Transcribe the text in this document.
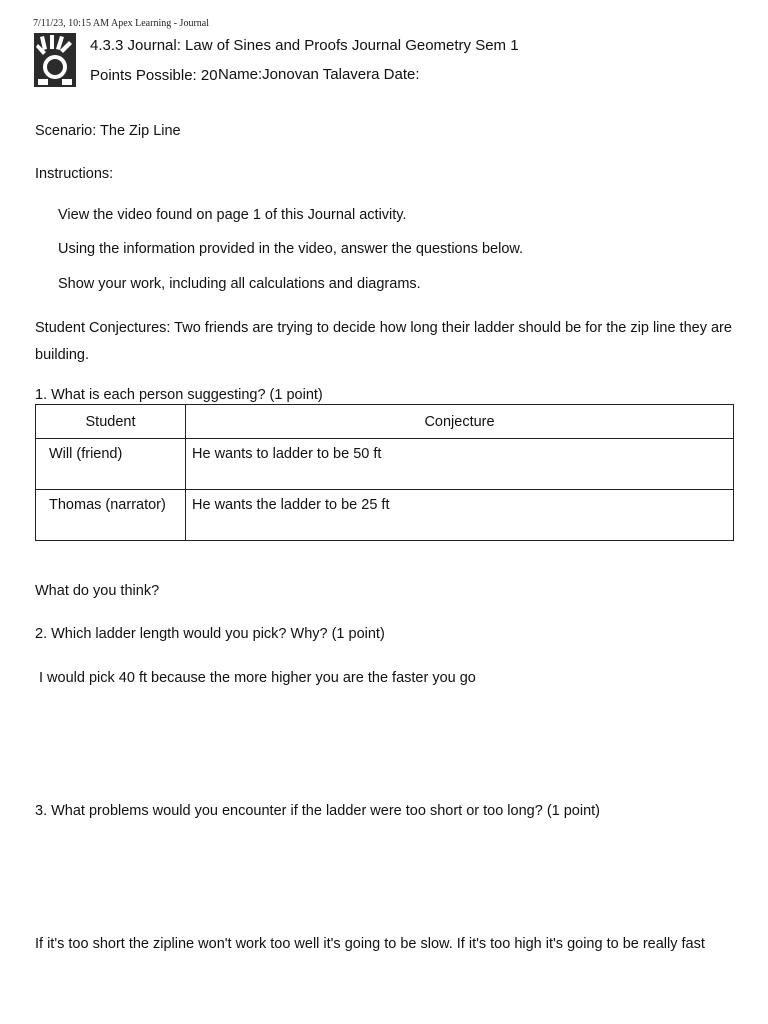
7/11/23, 10:15 AM Apex Learning - Journal
4.3.3 Journal: Law of Sines and Proofs Journal Geometry Sem 1
Points Possible: 20 Name:Jonovan Talavera Date:
Scenario: The Zip Line
Instructions:
View the video found on page 1 of this Journal activity.
Using the information provided in the video, answer the questions below.
Show your work, including all calculations and diagrams.
Student Conjectures: Two friends are trying to decide how long their ladder should be for the zip line they are building.
1. What is each person suggesting? (1 point)
Student	Conjecture
Will (friend)	He wants to ladder to be 50 ft
Thomas (narrator)	He wants the ladder to be 25 ft
What do you think?
2. Which ladder length would you pick? Why? (1 point)
I would pick 40 ft because the more higher you are the faster you go
3. What problems would you encounter if the ladder were too short or too long? (1 point)
If it's too short the zipline won't work too well it's going to be slow. If it's too high it's going to be really fast
